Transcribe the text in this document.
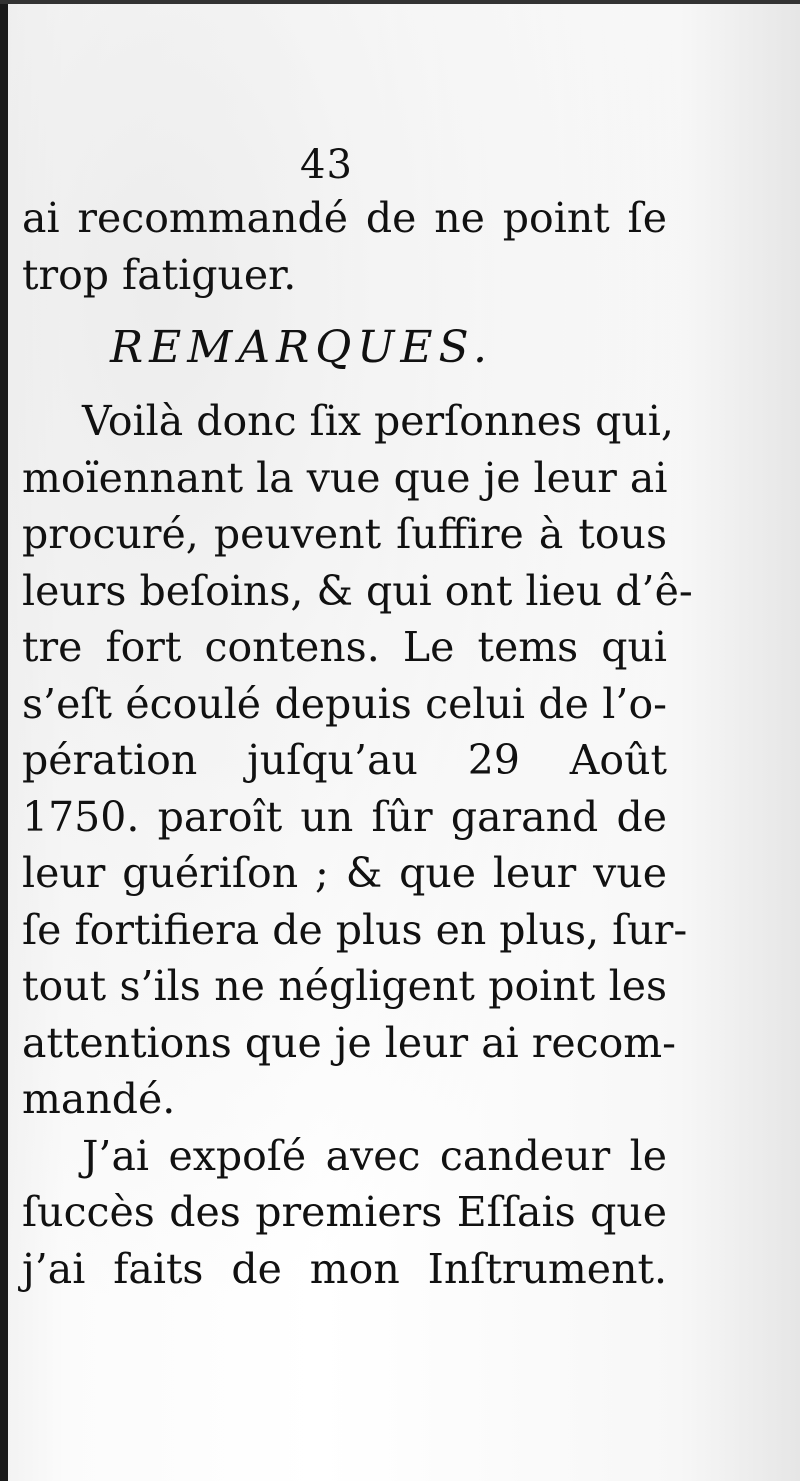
43
ai recommandé de ne point ſe
trop fatiguer.
REMARQUES.
Voilà donc ſix perſonnes qui,
moïennant la vue que je leur ai
procuré, peuvent ſuffire à tous
leurs beſoins, & qui ont lieu d’ê-
tre fort contens. Le tems qui
s’eſt écoulé depuis celui de l’o-
pération juſqu’au 29 Août
1750. paroît un ſûr garand de
leur guériſon ; & que leur vue
ſe fortifiera de plus en plus, ſur-
tout s’ils ne négligent point les
attentions que je leur ai recom-
mandé.
J’ai expoſé avec candeur le
ſuccès des premiers Eſſais que
j’ai faits de mon Inſtrument.
